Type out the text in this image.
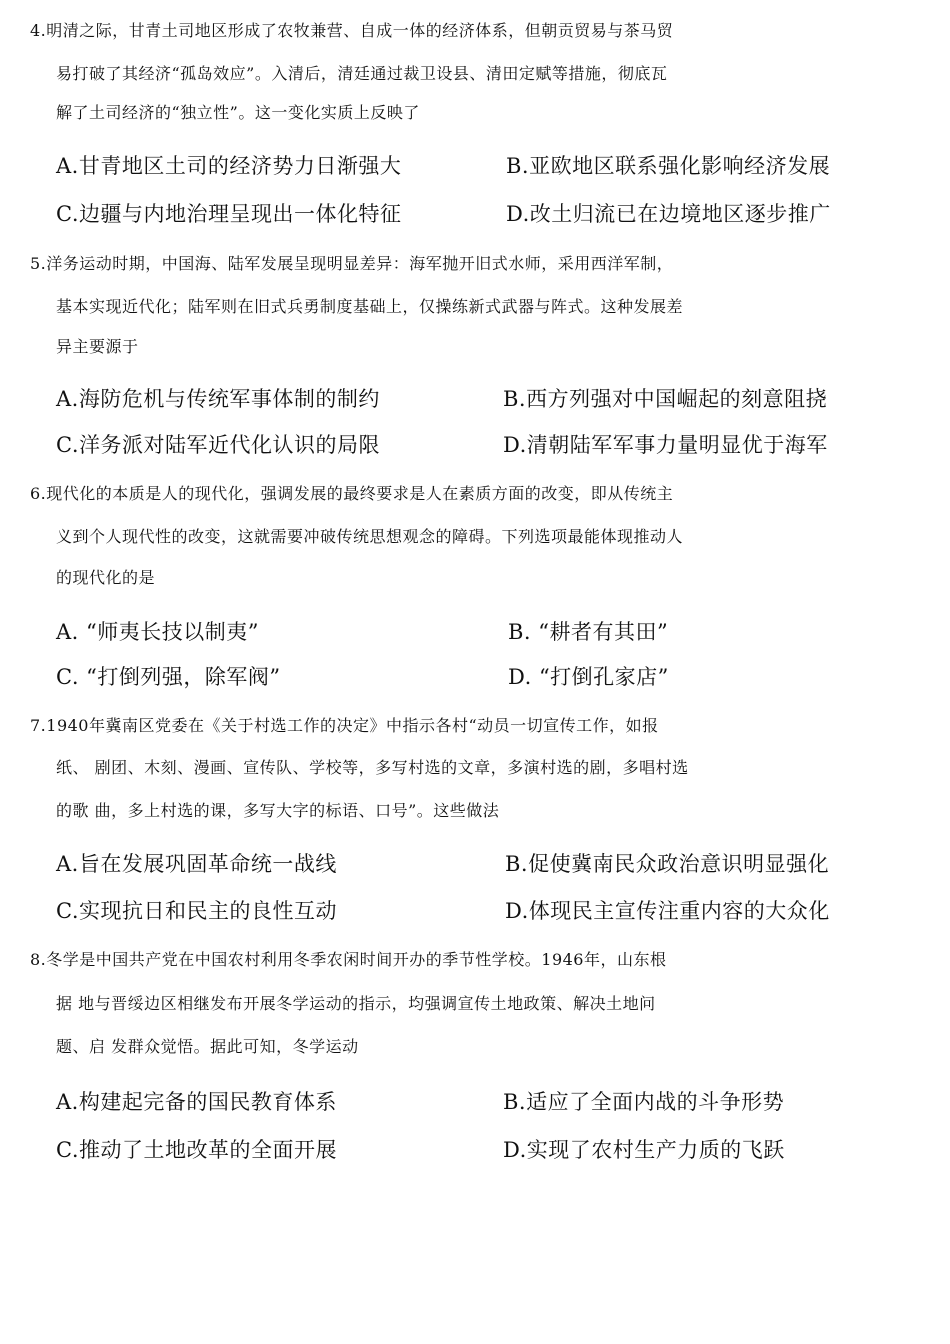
4.明清之际，甘青土司地区形成了农牧兼营、自成一体的经济体系，但朝贡贸易与茶马贸
易打破了其经济“孤岛效应”。入清后，清廷通过裁卫设县、清田定赋等措施，彻底瓦
解了土司经济的“独立性”。这一变化实质上反映了
A.甘青地区土司的经济势力日渐强大	B.亚欧地区联系强化影响经济发展
C.边疆与内地治理呈现出一体化特征	D.改土归流已在边境地区逐步推广
5.洋务运动时期，中国海、陆军发展呈现明显差异：海军抛开旧式水师，采用西洋军制，
基本实现近代化；陆军则在旧式兵勇制度基础上，仅操练新式武器与阵式。这种发展差
异主要源于
A.海防危机与传统军事体制的制约	B.西方列强对中国崛起的刻意阻挠
C.洋务派对陆军近代化认识的局限	D.清朝陆军军事力量明显优于海军
6.现代化的本质是人的现代化，强调发展的最终要求是人在素质方面的改变，即从传统主
义到个人现代性的改变，这就需要冲破传统思想观念的障碍。下列选项最能体现推动人
的现代化的是
A. “师夷长技以制夷”	B. “耕者有其田”
C. “打倒列强，除军阀”	D. “打倒孔家店”
7.1940年冀南区党委在《关于村选工作的决定》中指示各村“动员一切宣传工作，如报
纸、 剧团、木刻、漫画、宣传队、学校等，多写村选的文章，多演村选的剧，多唱村选
的歌 曲，多上村选的课，多写大字的标语、口号”。这些做法
A.旨在发展巩固革命统一战线	B.促使冀南民众政治意识明显强化
C.实现抗日和民主的良性互动	D.体现民主宣传注重内容的大众化
8.冬学是中国共产党在中国农村利用冬季农闲时间开办的季节性学校。1946年，山东根
据 地与晋绥边区相继发布开展冬学运动的指示，均强调宣传土地政策、解决土地问
题、启 发群众觉悟。据此可知，冬学运动
A.构建起完备的国民教育体系	B.适应了全面内战的斗争形势
C.推动了土地改革的全面开展	D.实现了农村生产力质的飞跃
